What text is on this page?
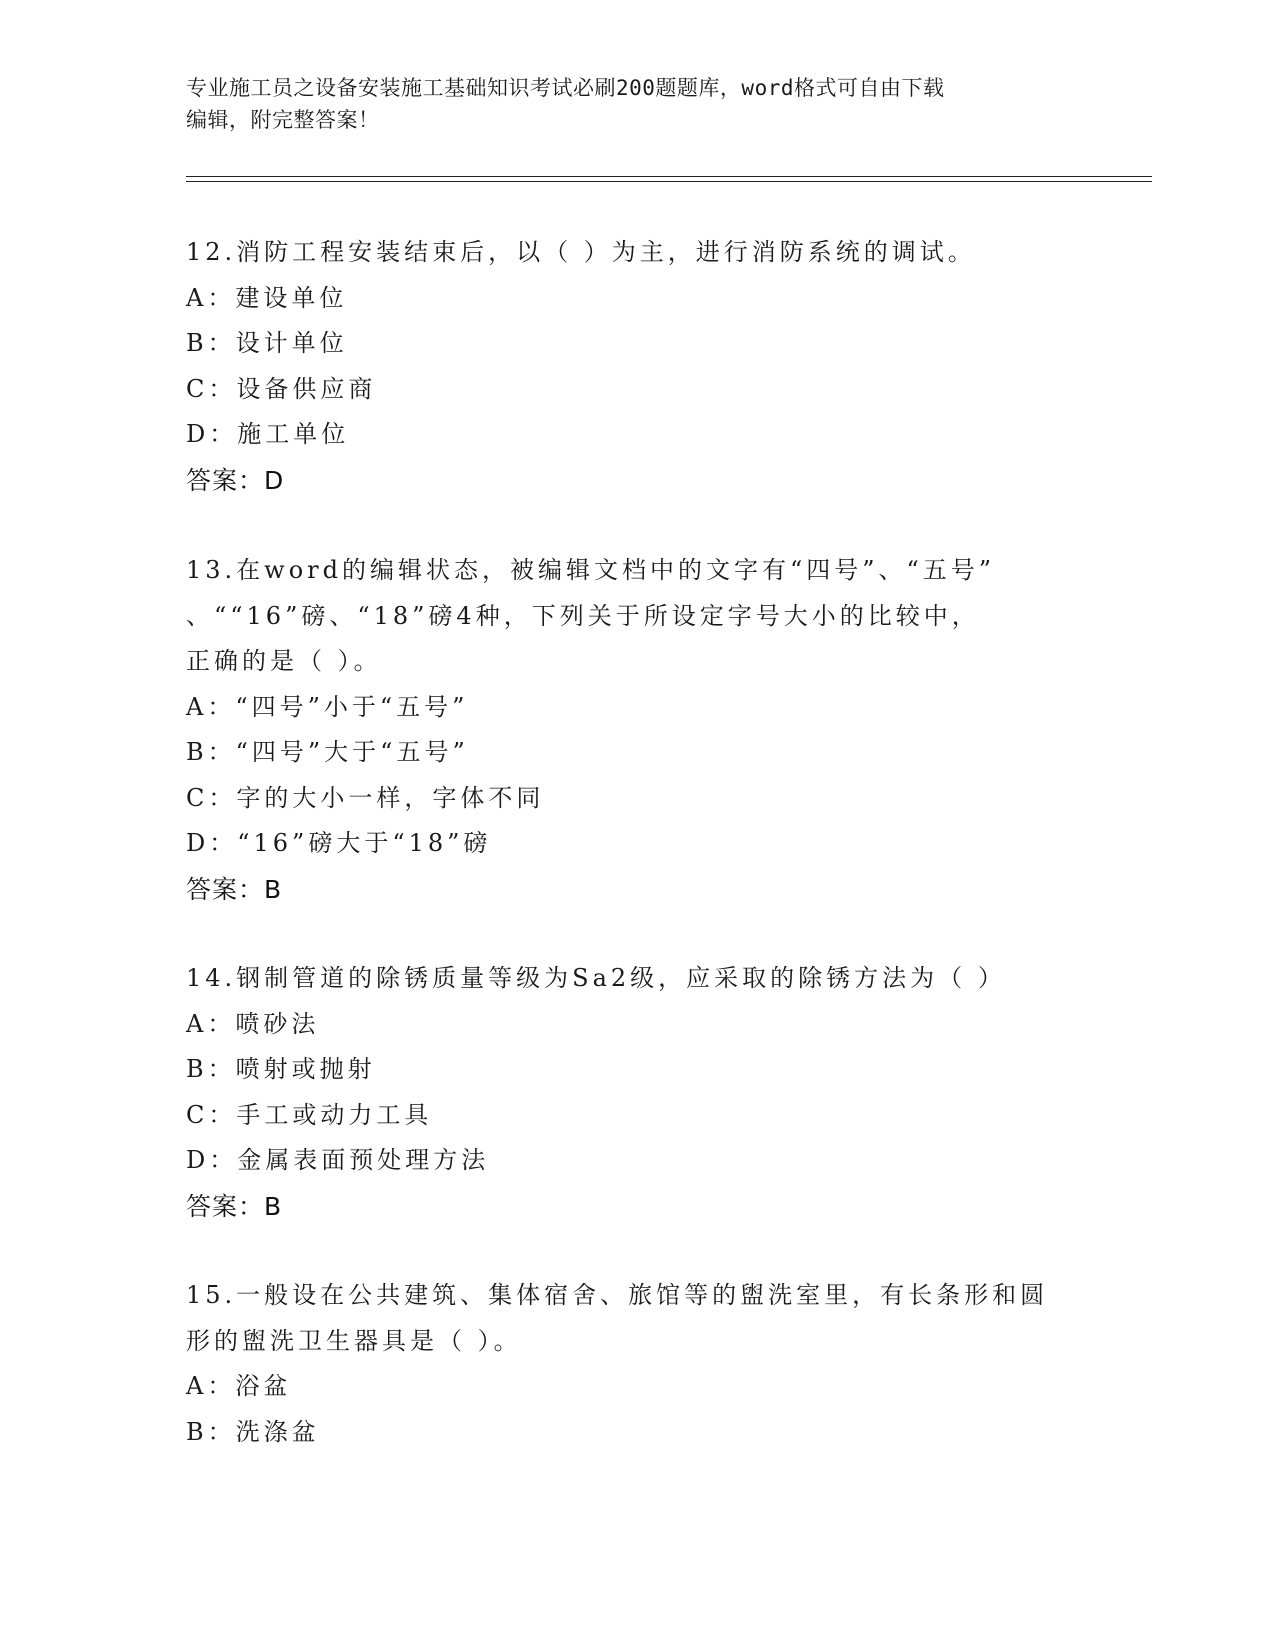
专业施工员之设备安装施工基础知识考试必刷200题题库，word格式可自由下载
编辑，附完整答案！
12.消防工程安装结束后，以（ ）为主，进行消防系统的调试。
A：建设单位
B：设计单位
C：设备供应商
D：施工单位
答案：D
13.在word的编辑状态，被编辑文档中的文字有“四号”、“五号”
、““16”磅、“18”磅4种，下列关于所设定字号大小的比较中，
正确的是（ ）。
A：“四号”小于“五号”
B：“四号”大于“五号”
C：字的大小一样，字体不同
D：“16”磅大于“18”磅
答案：B
14.钢制管道的除锈质量等级为Sa2级，应采取的除锈方法为（ ）
A：喷砂法
B：喷射或抛射
C：手工或动力工具
D：金属表面预处理方法
答案：B
15.一般设在公共建筑、集体宿舍、旅馆等的盥洗室里，有长条形和圆
形的盥洗卫生器具是（ ）。
A：浴盆
B：洗涤盆
